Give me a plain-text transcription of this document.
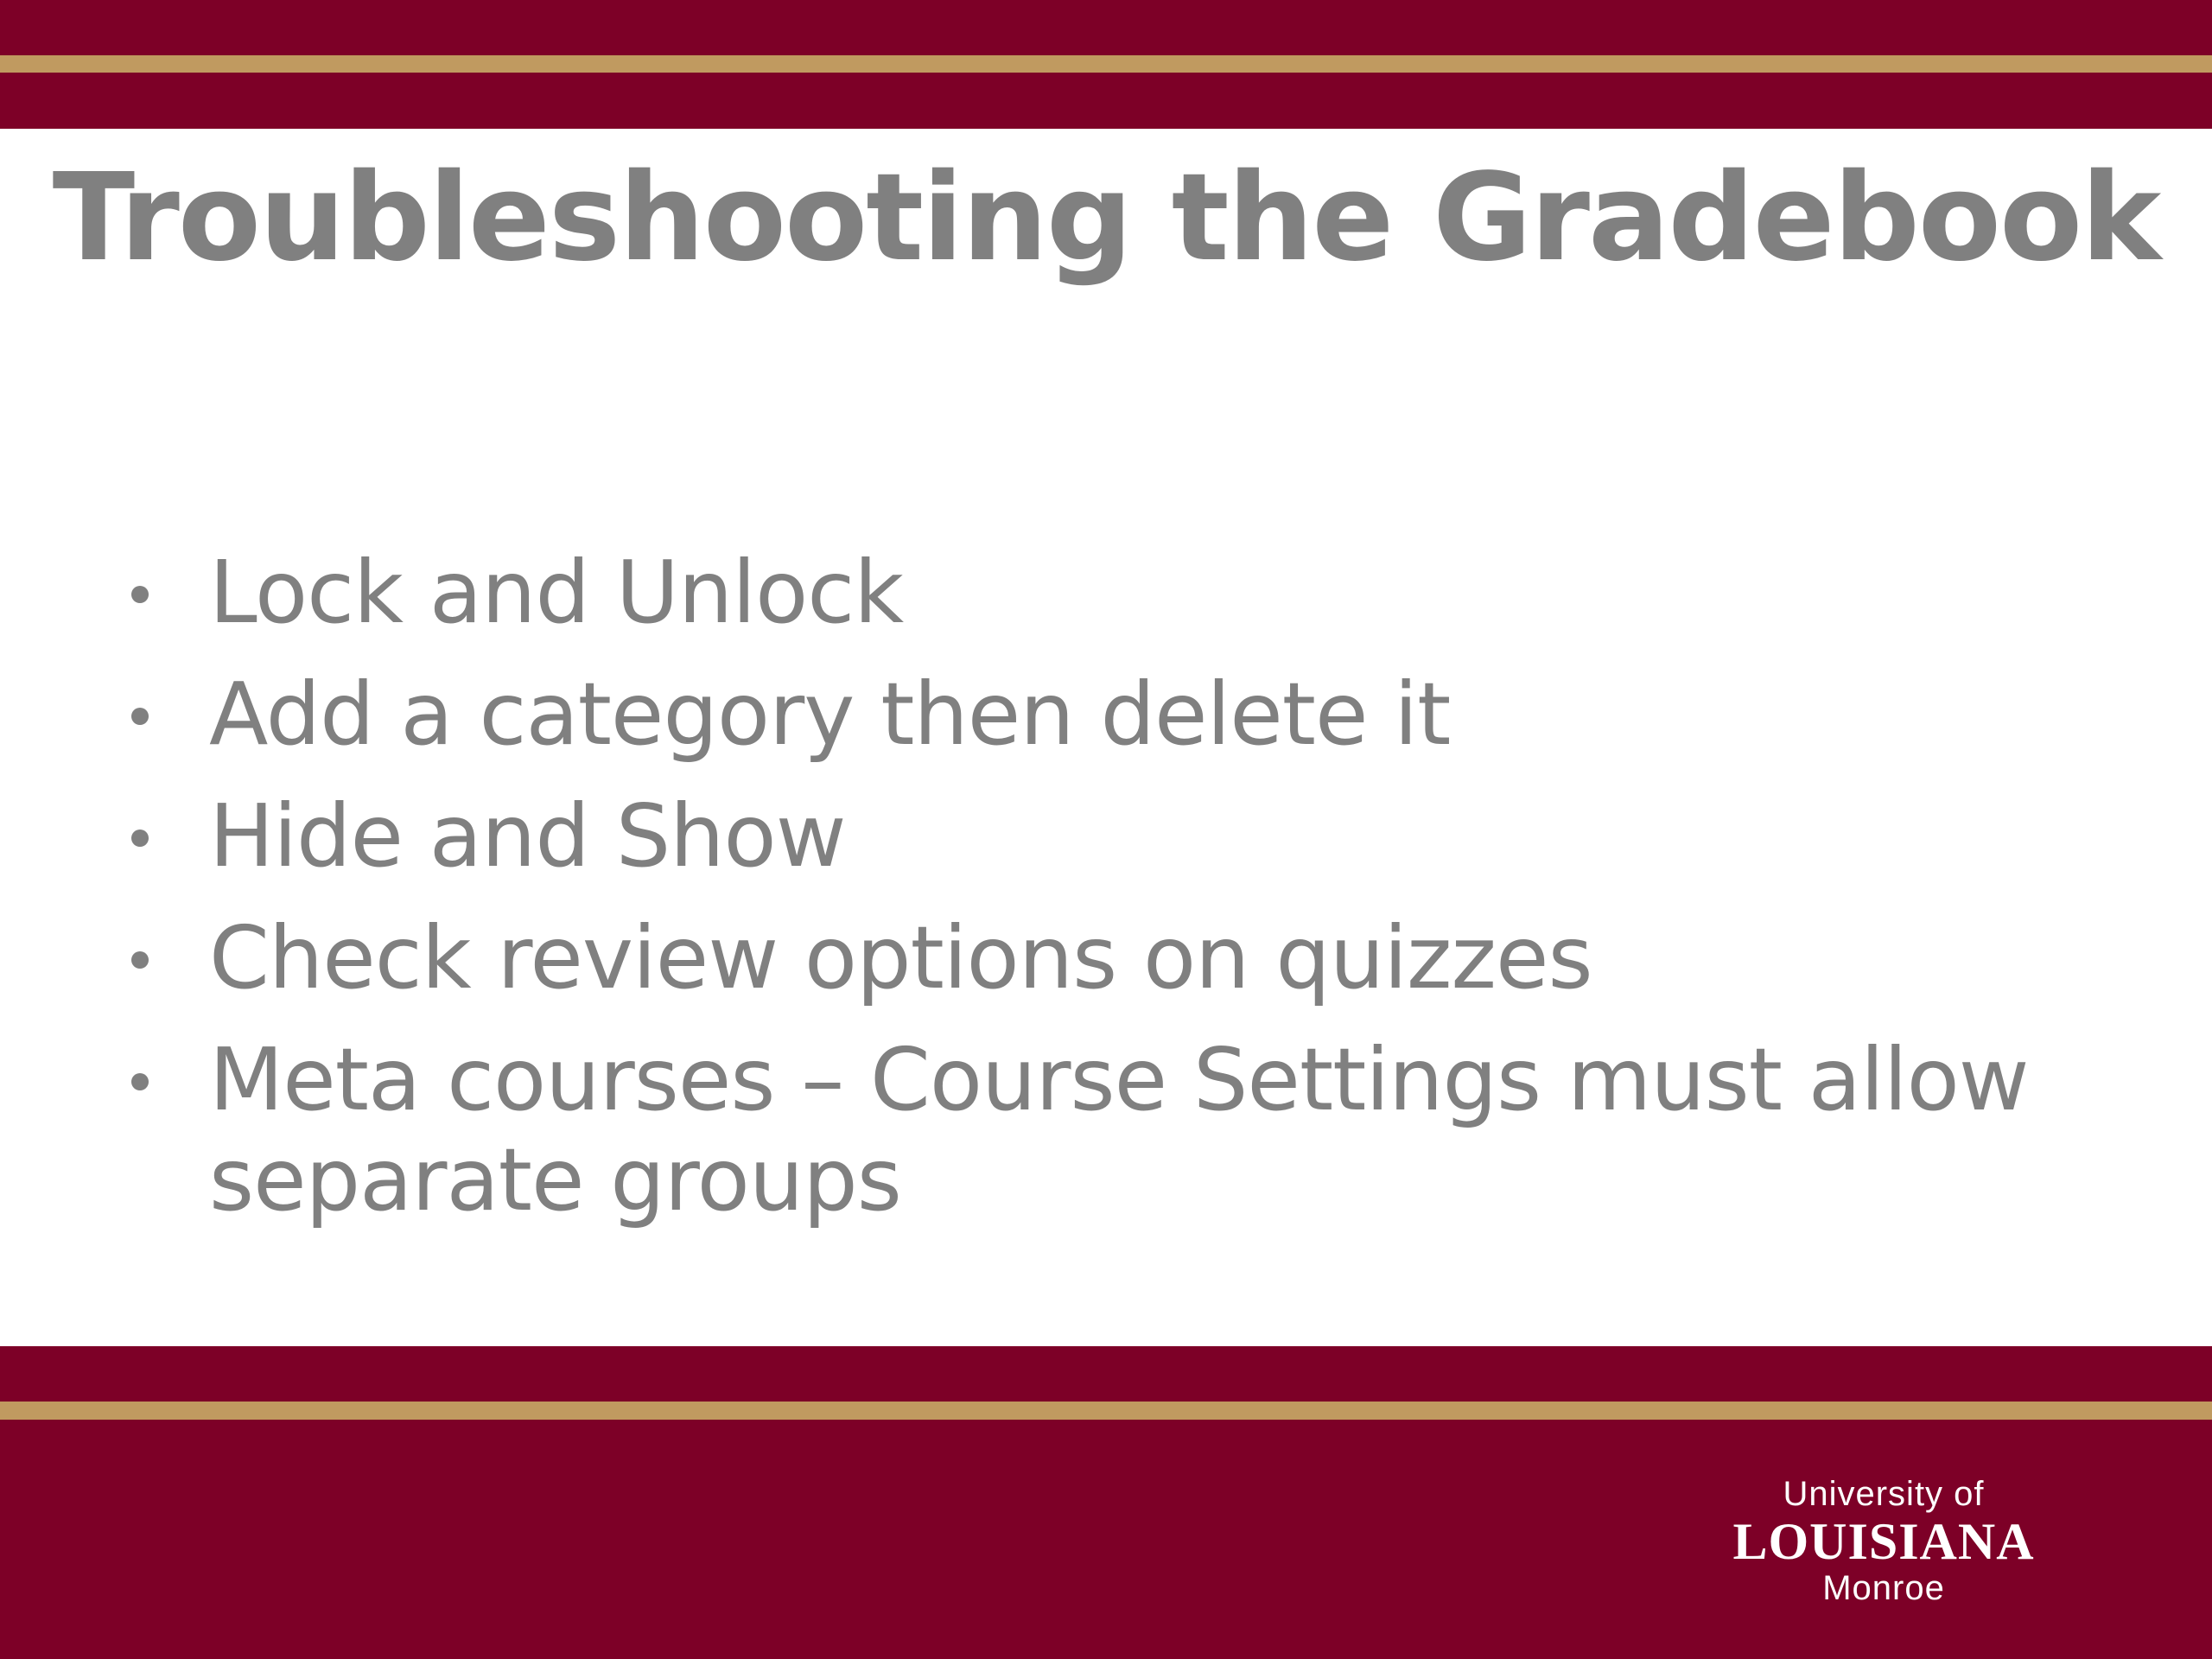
Troubleshooting the Gradebook
Lock and Unlock
Add a category then delete it
Hide and Show
Check review options on quizzes
Meta courses – Course Settings must allow separate groups
University of
LOUISIANA
Monroe
